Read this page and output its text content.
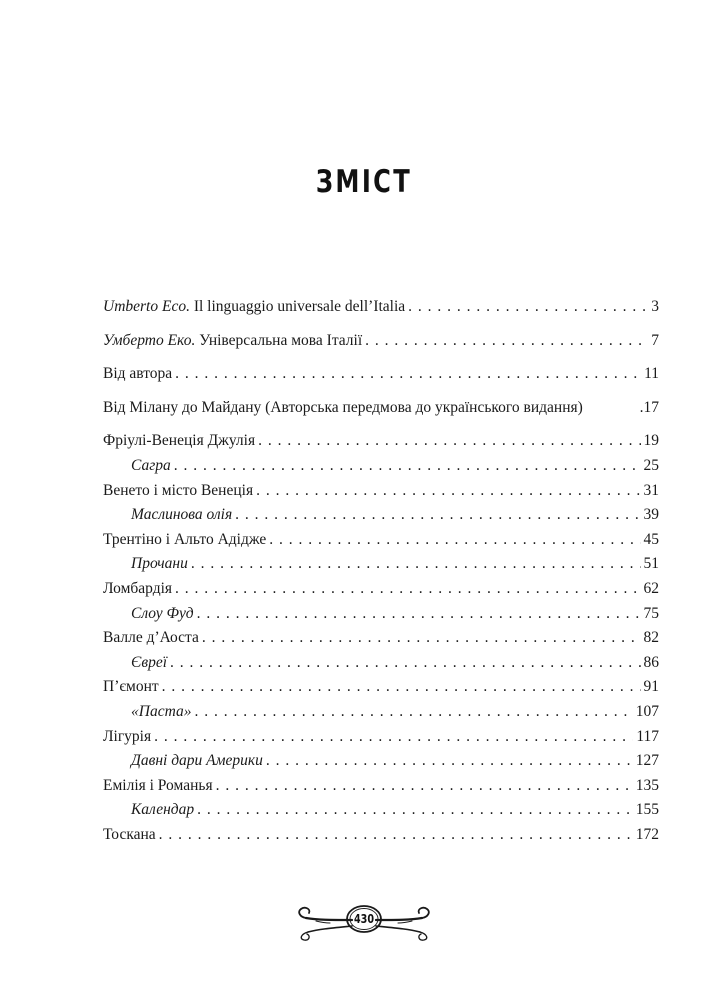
ЗМІСТ
Umberto Eco. Il linguaggio universale dell’Italia . . .	3
Умберто Еко. Універсальна мова Італії . . .	7
Від автора . . .	11
Від Мілану до Майдану (Авторська передмова до українського видання)	.17
Фріулі-Венеція Джулія . . .	19
Сагра . . .	25
Венето і місто Венеція . . .	31
Маслинова олія . . .	39
Трентіно і Альто Адідже . . .	45
Прочани . . .	51
Ломбардія . . .	62
Слоу Фуд . . .	75
Валле д’Аоста . . .	82
Євреї . . .	86
П’ємонт . . .	91
«Паста» . . .	107
Лігурія . . .	117
Давні дари Америки . . .	127
Емілія і Романья . . .	135
Календар . . .	155
Тоскана . . .	172
430
